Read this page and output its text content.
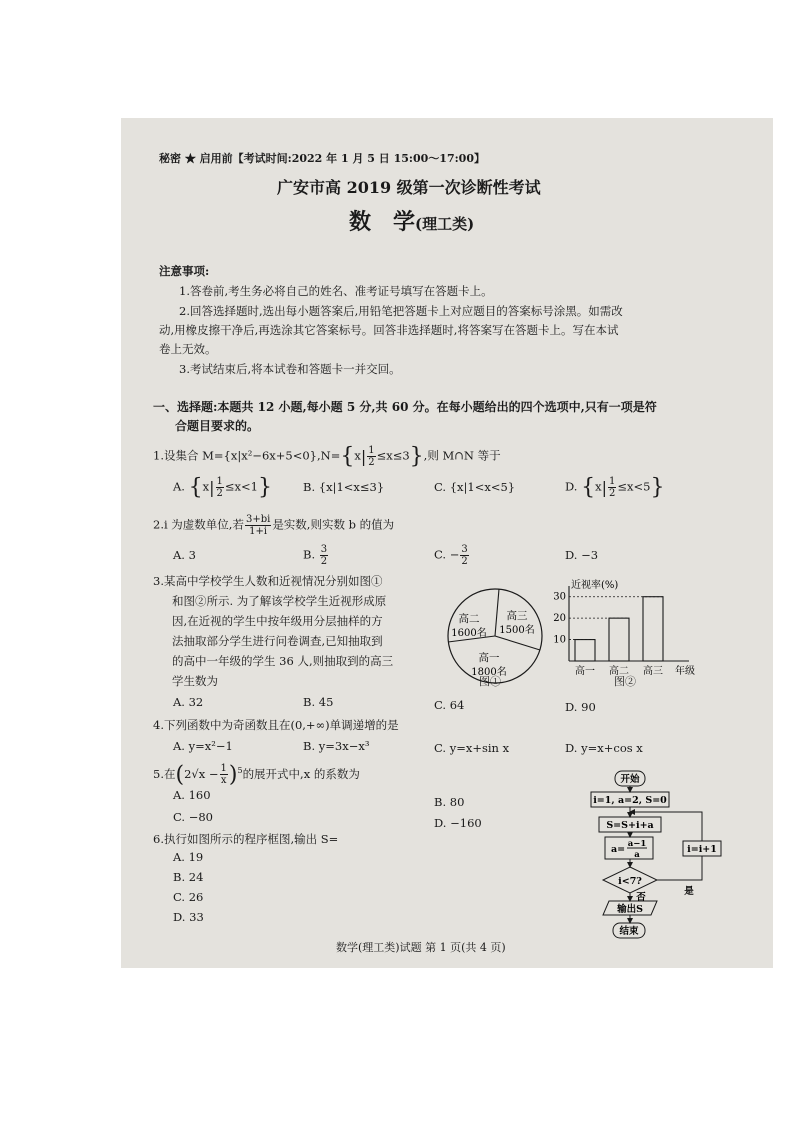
秘密 ★ 启用前【考试时间:2022 年 1 月 5 日 15:00～17:00】
广安市高 2019 级第一次诊断性考试
数　学(理工类)
注意事项:
1.答卷前,考生务必将自己的姓名、准考证号填写在答题卡上。
2.回答选择题时,选出每小题答案后,用铅笔把答题卡上对应题目的答案标号涂黑。如需改
动,用橡皮擦干净后,再选涂其它答案标号。回答非选择题时,将答案写在答题卡上。写在本试
卷上无效。
3.考试结束后,将本试卷和答题卡一并交回。
一、选择题:本题共 12 小题,每小题 5 分,共 60 分。在每小题给出的四个选项中,只有一项是符
合题目要求的。
1.设集合 $M=\{x|x^2-6x+5<0\},N=\{x| \frac{1}{2} \le x\le 3\}$,则 M∩N 等于
A. $\{x| \frac{1}{2} \le x<1\}$	B. {x|1<x≤3}	C. {x|1<x<5}	D. $\{x| \frac{1}{2} \le x<5\}$
2.i 为虚数单位,若 $\frac{3+bi}{1+i}$ 是实数,则实数 b 的值为
A. 3	B. $\frac{3}{2}$	C. − $\frac{3}{2}$	D. −3
3.某高中学校学生人数和近视情况分别如图①
和图②所示. 为了解该学校学生近视形成原
因,在近视的学生中按年级用分层抽样的方
法抽取部分学生进行问卷调查,已知抽取到
的高中一年级的学生 36 人,则抽取到的高三
学生数为
A. 32	B. 45	C. 64	D. 90
高二
1600名
高三
1500名
高一
1800名
图①
近视率(%)
年级
10
20
30
高一 高二 高三
图②
4.下列函数中为奇函数且在(0,+∞)单调递增的是
A. y=x²−1	B. y=3x−x³	C. y=x+sin x	D. y=x+cos x
5.在$(2√x - \frac{1}{x} )^5$的展开式中,x 的系数为
A. 160	B. 80
C. −80	D. −160
6.执行如图所示的程序框图,输出 S=
A. 19
B. 24
C. 26
D. 33
开始
i=1, a=2, S=0
S=S+i+a
a= a−1
a
i<7?
是
否
i=i+1
输出S
结束
数学(理工类)试题 第 1 页(共 4 页)
